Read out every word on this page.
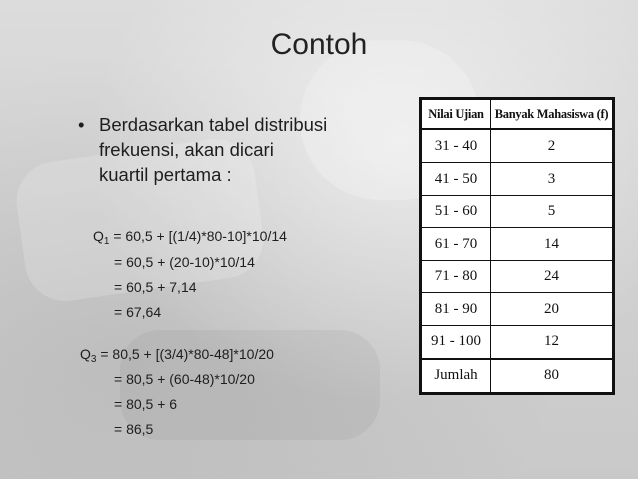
Contoh
• Berdasarkan tabel distribusi
frekuensi, akan dicari
kuartil pertama :
$Q_1 = 60,5 + [(1/4)*80-10]*10/14$
= 60,5 + (20-10)*10/14
= 60,5 + 7,14
= 67,64
$Q_3 = 80,5 + [(3/4)*80-48]*10/20$
= 80,5 + (60-48)*10/20
= 80,5 + 6
= 86,5
Nilai Ujian	Banyak Mahasiswa (f)
31 - 40	2
41 - 50	3
51 - 60	5
61 - 70	14
71 - 80	24
81 - 90	20
91 - 100	12
Jumlah	80
